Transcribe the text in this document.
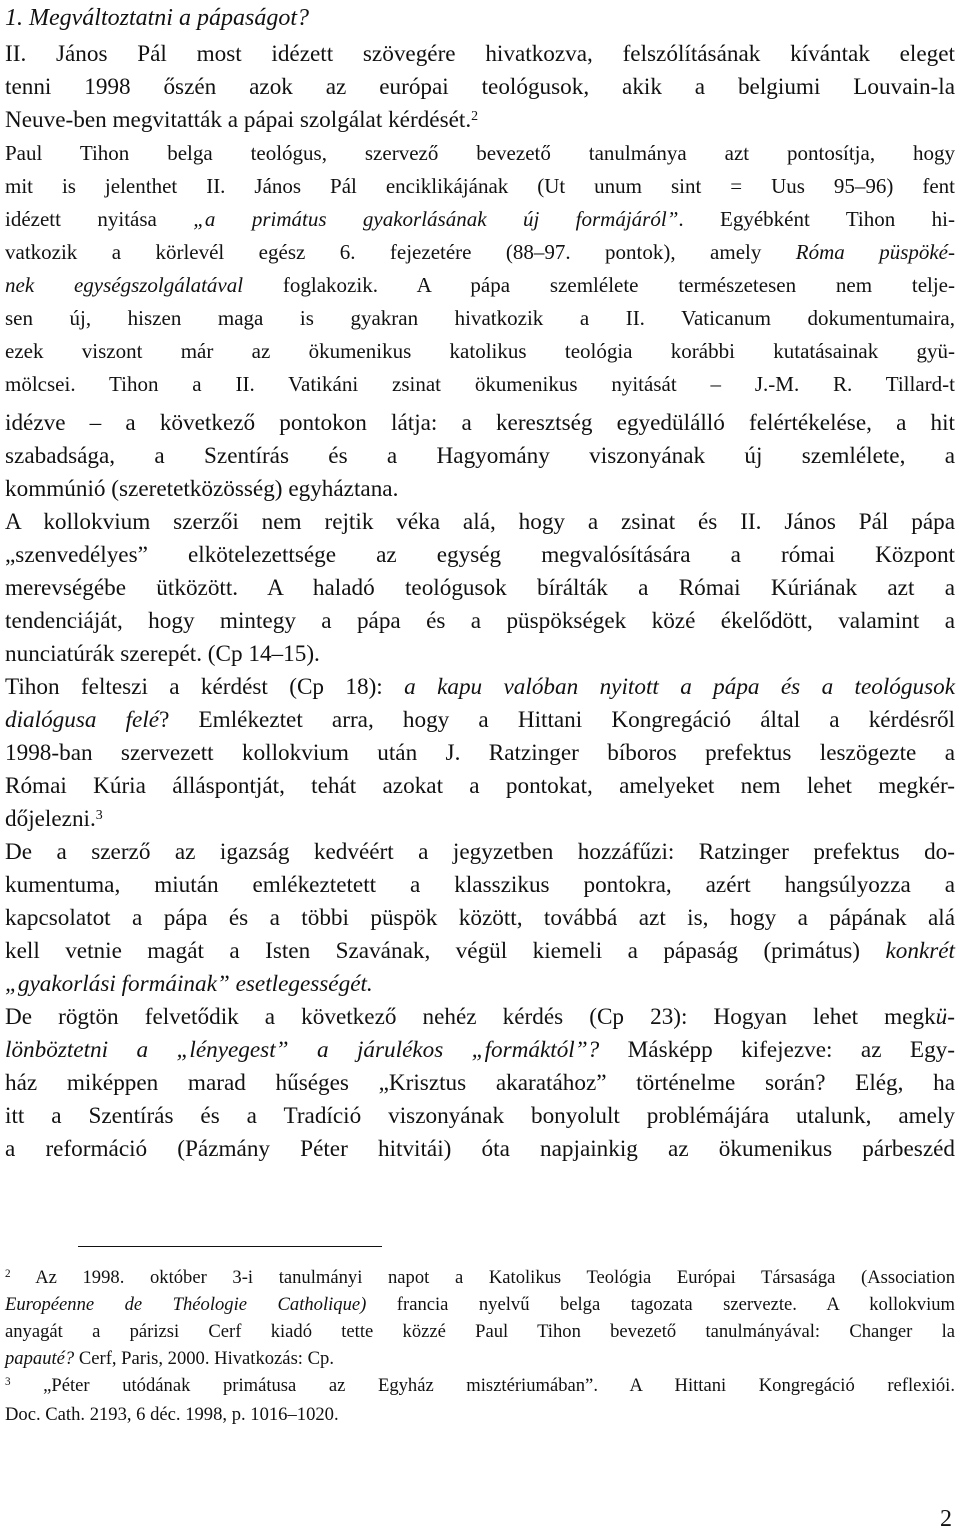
1. Megváltoztatni a pápaságot?
II. János Pál most idézett szövegére hivatkozva, felszólításának kívántak eleget
tenni 1998 őszén azok az európai teológusok, akik a belgiumi Louvain-la
Neuve-ben megvitatták a pápai szolgálat kérdését.$^2$
Paul Tihon belga teológus, szervező bevezető tanulmánya azt pontosítja, hogy
mit is jelenthet II. János Pál enciklikájának (Ut unum sint = Uus 95–96) fent
idézett nyitása „a primátus gyakorlásának új formájáról”. Egyébként Tihon hi-
vatkozik a körlevél egész 6. fejezetére (88–97. pontok), amely Róma püspöké-
nek egységszolgálatával foglakozik. A pápa szemlélete természetesen nem telje-
sen új, hiszen maga is gyakran hivatkozik a II. Vaticanum dokumentumaira,
ezek viszont már az ökumenikus katolikus teológia korábbi kutatásainak gyü-
mölcsei. Tihon a II. Vatikáni zsinat ökumenikus nyitását – J.-M. R. Tillard-t
idézve – a következő pontokon látja: a keresztség egyedülálló felértékelése, a hit
szabadsága, a Szentírás és a Hagyomány viszonyának új szemlélete, a
kommúnió (szeretetközösség) egyháztana.
A kollokvium szerzői nem rejtik véka alá, hogy a zsinat és II. János Pál pápa
„szenvedélyes” elkötelezettsége az egység megvalósítására a római Központ
merevségébe ütközött. A haladó teológusok bírálták a Római Kúriának azt a
tendenciáját, hogy mintegy a pápa és a püspökségek közé ékelődött, valamint a
nunciatúrák szerepét. (Cp 14–15).
Tihon felteszi a kérdést (Cp 18): a kapu valóban nyitott a pápa és a teológusok
dialógusa felé? Emlékeztet arra, hogy a Hittani Kongregáció által a kérdésről
1998-ban szervezett kollokvium után J. Ratzinger bíboros prefektus leszögezte a
Római Kúria álláspontját, tehát azokat a pontokat, amelyeket nem lehet megkér-
dőjelezni.$^3$
De a szerző az igazság kedvéért a jegyzetben hozzáfűzi: Ratzinger prefektus do-
kumentuma, miután emlékeztetett a klasszikus pontokra, azért hangsúlyozza a
kapcsolatot a pápa és a többi püspök között, továbbá azt is, hogy a pápának alá
kell vetnie magát a Isten Szavának, végül kiemeli a pápaság (primátus) konkrét
„gyakorlási formáinak” esetlegességét.
De rögtön felvetődik a következő nehéz kérdés (Cp 23): Hogyan lehet megkü-
lönböztetni a „lényegest” a járulékos „formáktól”? Másképp kifejezve: az Egy-
ház miképpen marad hűséges „Krisztus akaratához” történelme során? Elég, ha
itt a Szentírás és a Tradíció viszonyának bonyolult problémájára utalunk, amely
a reformáció (Pázmány Péter hitvitái) óta napjainkig az ökumenikus párbeszéd
$^2$ Az 1998. október 3-i tanulmányi napot a Katolikus Teológia Európai Társasága (Association
Européenne de Théologie Catholique) francia nyelvű belga tagozata szervezte. A kollokvium
anyagát a párizsi Cerf kiadó tette közzé Paul Tihon bevezető tanulmányával: Changer la
papauté? Cerf, Paris, 2000. Hivatkozás: Cp.
$^3$ „Péter utódának primátusa az Egyház misztériumában”. A Hittani Kongregáció reflexiói.
Doc. Cath. 2193, 6 déc. 1998, p. 1016–1020.
2
